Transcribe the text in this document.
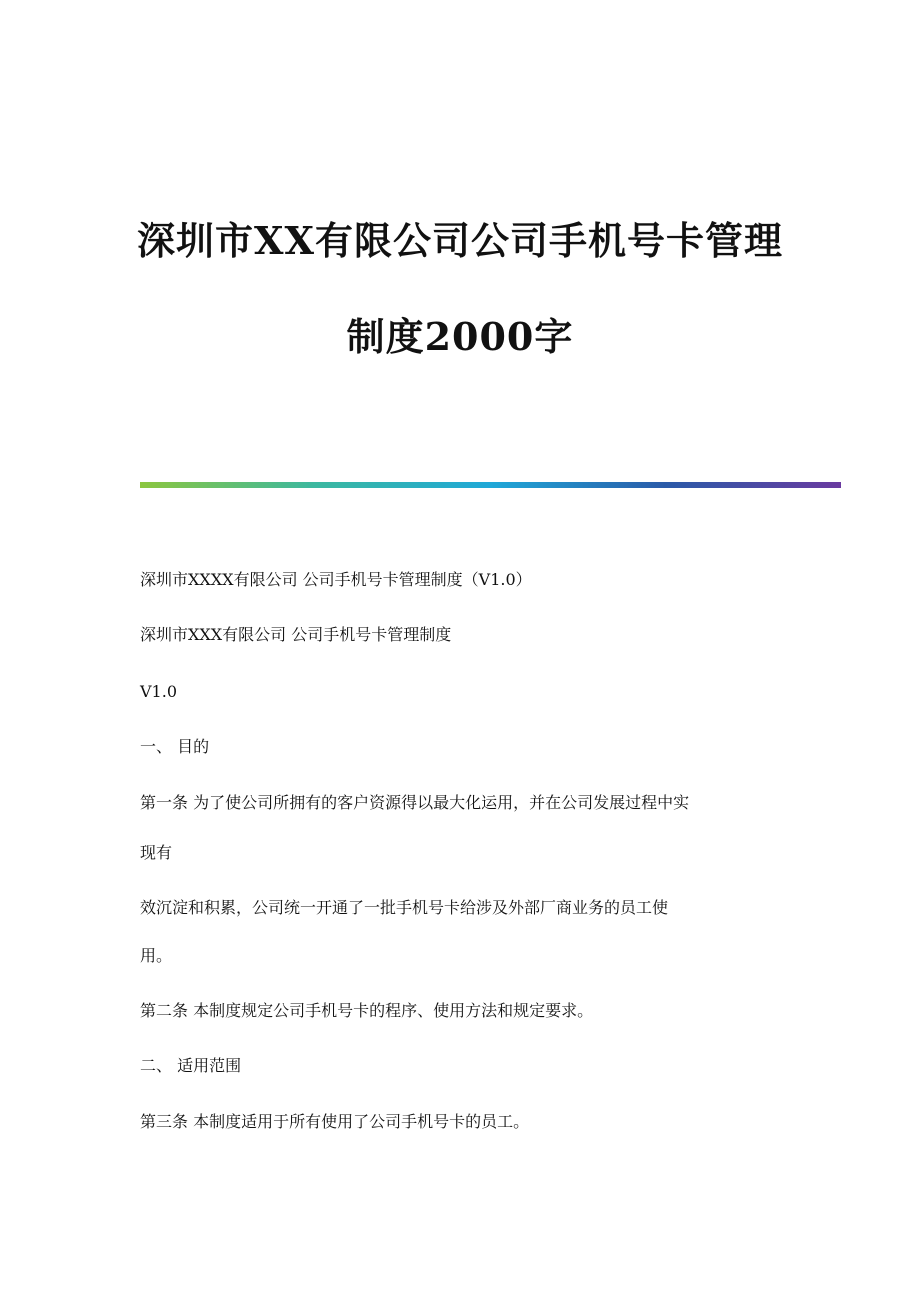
深圳市XX有限公司公司手机号卡管理
制度2000字
深圳市XXXX有限公司 公司手机号卡管理制度（V1.0）
深圳市XXX有限公司 公司手机号卡管理制度
V1.0
一、 目的
第一条 为了使公司所拥有的客户资源得以最大化运用，并在公司发展过程中实
现有
效沉淀和积累，公司统一开通了一批手机号卡给涉及外部厂商业务的员工使
用。
第二条 本制度规定公司手机号卡的程序、使用方法和规定要求。
二、 适用范围
第三条 本制度适用于所有使用了公司手机号卡的员工。
